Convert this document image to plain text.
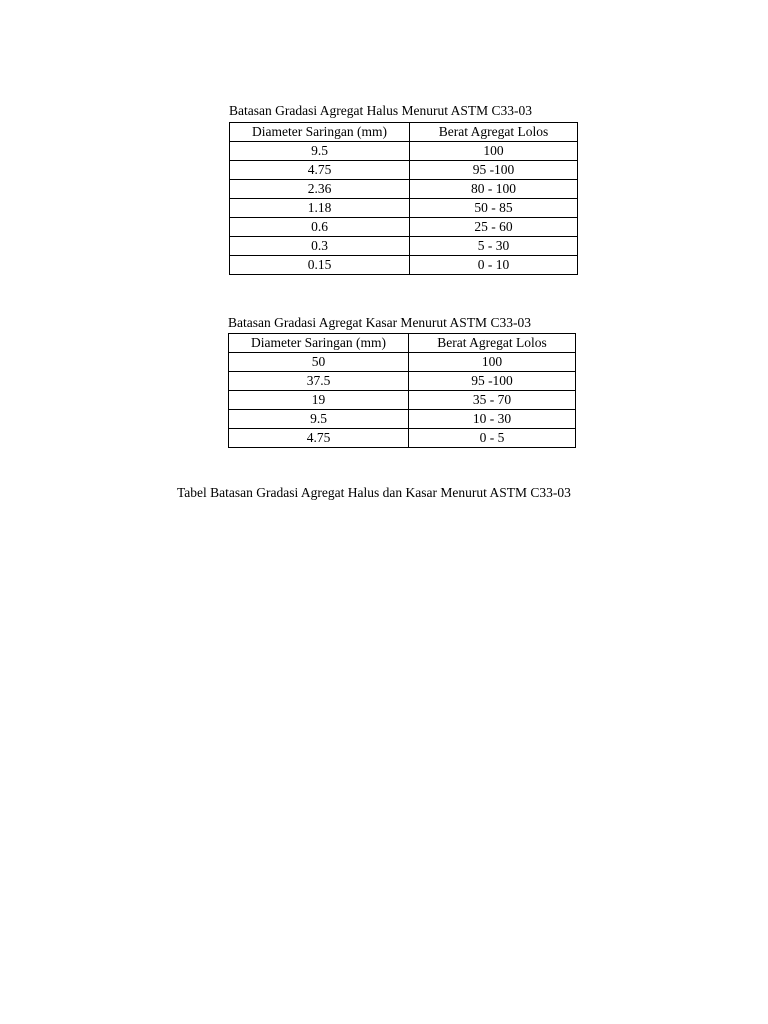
Batasan Gradasi Agregat Halus Menurut ASTM C33-03

Diameter Saringan (mm)	Berat Agregat Lolos
9.5	100
4.75	95 -100
2.36	80 - 100
1.18	50 - 85
0.6	25 - 60
0.3	5 - 30
0.15	0 - 10

Batasan Gradasi Agregat Kasar Menurut ASTM C33-03

Diameter Saringan (mm)	Berat Agregat Lolos
50	100
37.5	95 -100
19	35 - 70
9.5	10 - 30
4.75	0 - 5

Tabel Batasan Gradasi Agregat Halus dan Kasar Menurut ASTM C33-03
